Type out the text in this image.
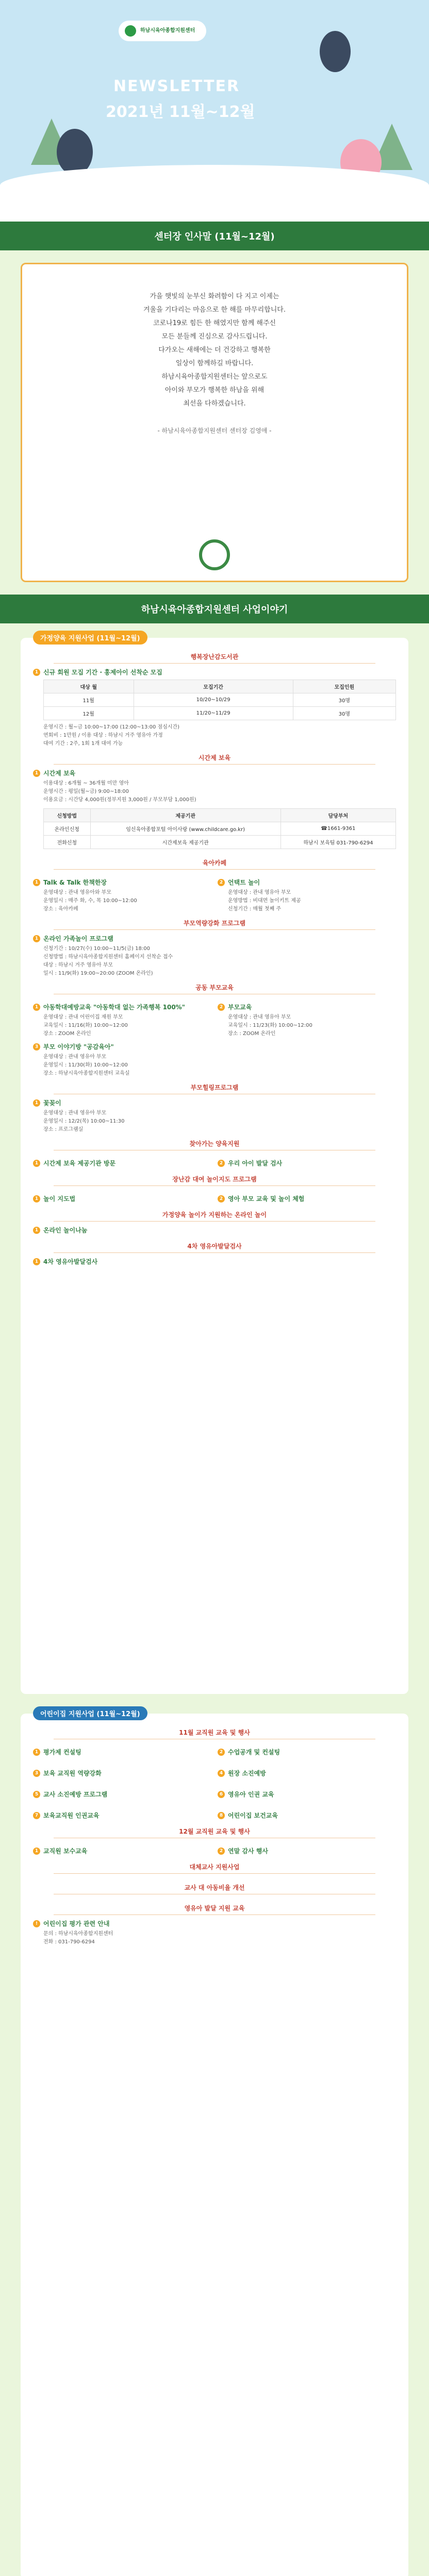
하남시육아종합지원센터
NEWSLETTER
2021년 11월~12월
센터장 인사말 (11월~12월)
가을 햇빛의 눈부신 화려함이 다 지고 이제는
겨울을 기다리는 마음으로 한 해를 마무리합니다.
코로나19로 힘든 한 해였지만 함께 해주신
모든 분들께 진심으로 감사드립니다.
다가오는 새해에는 더 건강하고 행복한
일상이 함께하길 바랍니다.
하남시육아종합지원센터는 앞으로도
아이와 부모가 행복한 하남을 위해
최선을 다하겠습니다.
- 하남시육아종합지원센터 센터장 김영애 -
하남시육아종합지원센터 사업이야기
가정양육 지원사업 (11월~12월)
행복장난감도서관
1 신규 회원 모집 기간 · 홍제아이 선착순 모집
대상 월	모집기간	모집인원
11월	10/20~10/29	30명
12월	11/20~11/29	30명
운영시간 : 월~금 10:00~17:00 (12:00~13:00 점심시간)
연회비 : 1만원 / 이용 대상 : 하남시 거주 영유아 가정
대여 기간 : 2주, 1회 1개 대여 가능
시간제 보육
1 시간제 보육
이용대상 : 6개월 ~ 36개월 미만 영아
운영시간 : 평일(월~금) 9:00~18:00
이용요금 : 시간당 4,000원(정부지원 3,000원 / 부모부담 1,000원)
신청방법	제공기관	담당부처
온라인신청	임신육아종합포털 아이사랑 (www.childcare.go.kr)	☎1661-9361
전화신청	시간제보육 제공기관	하남시 보육팀 031-790-6294
육아카페
1 Talk & Talk 한책한장
운영대상 : 관내 영유아와 부모
운영일시 : 매주 화, 수, 목 10:00~12:00
장소 : 육아카페
2 언택트 놀이
운영대상 : 관내 영유아 부모
운영방법 : 비대면 놀이키트 제공
신청기간 : 매월 첫째 주
부모역량강화 프로그램
1 온라인 가족놀이 프로그램
신청기간 : 10/27(수) 10:00~11/5(금) 18:00
신청방법 : 하남시육아종합지원센터 홈페이지 선착순 접수
대상 : 하남시 거주 영유아 부모
일시 : 11/9(화) 19:00~20:00 (ZOOM 온라인)
공동 부모교육
1 아동학대예방교육 "아동학대 없는 가족행복 100%"
운영대상 : 관내 어린이집 재원 부모
교육일시 : 11/16(화) 10:00~12:00
장소 : ZOOM 온라인
2 부모교육
운영대상 : 관내 영유아 부모
교육일시 : 11/23(화) 10:00~12:00
장소 : ZOOM 온라인
3 부모 이야기방 "공감육아"
운영대상 : 관내 영유아 부모
운영일시 : 11/30(화) 10:00~12:00
장소 : 하남시육아종합지원센터 교육실
부모힐링프로그램
1 꽃꽂이
운영대상 : 관내 영유아 부모
운영일시 : 12/2(목) 10:00~11:30
장소 : 프로그램실
찾아가는 양육지원
1 시간제 보육 제공기관 방문	2 우리 아이 발달 검사
장난감 대여 놀이지도 프로그램
1 놀이 지도법	2 영아 부모 교육 및 놀이 체험
가정양육 놀이가 지원하는 온라인 놀이
1 온라인 놀이나눔
4차 영유아발달검사
1 4차 영유아발달검사
어린이집 지원사업 (11월~12월)
11월 교직원 교육 및 행사
1 평가제 컨설팅	2 수업공개 및 컨설팅
3 보육 교직원 역량강화	4 원장 소진예방
5 교사 소진예방 프로그램	6 영유아 인권 교육
7 보육교직원 인권교육	8 어린이집 보건교육
12월 교직원 교육 및 행사
1 교직원 보수교육	2 연말 감사 행사
대체교사 지원사업
교사 대 아동비율 개선
영유아 발달 지원 교육
! 어린이집 평가 관련 안내
문의 : 하남시육아종합지원센터
전화 : 031-790-6294
